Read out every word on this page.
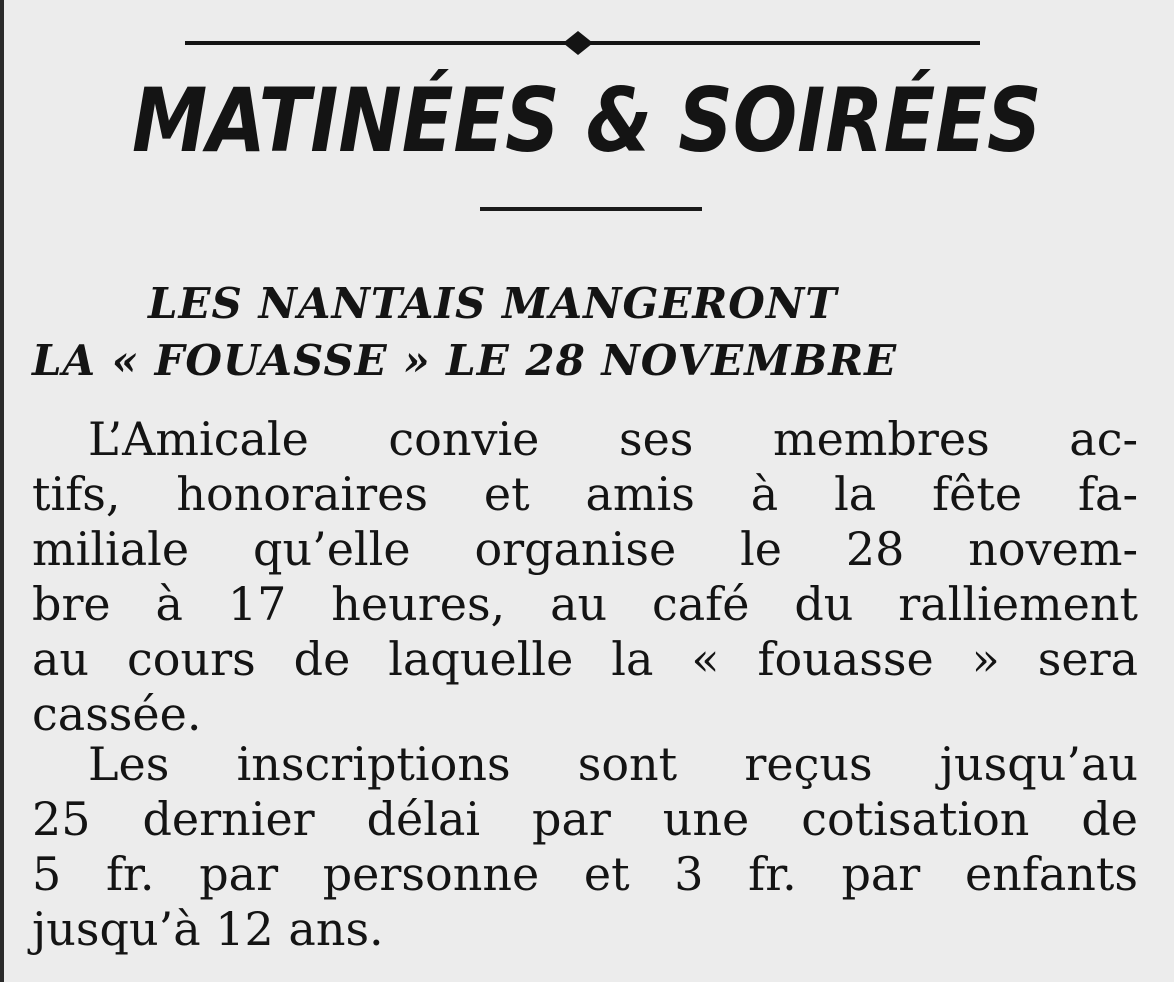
MATINÉES & SOIRÉES
LES NANTAIS MANGERONT
LA « FOUASSE » LE 28 NOVEMBRE
L’Amicale convie ses membres ac-
tifs, honoraires et amis à la fête fa-
miliale qu’elle organise le 28 novem-
bre à 17 heures, au café du ralliement
au cours de laquelle la « fouasse » sera
cassée.
Les inscriptions sont reçus jusqu’au
25 dernier délai par une cotisation de
5 fr. par personne et 3 fr. par enfants
jusqu’à 12 ans.
